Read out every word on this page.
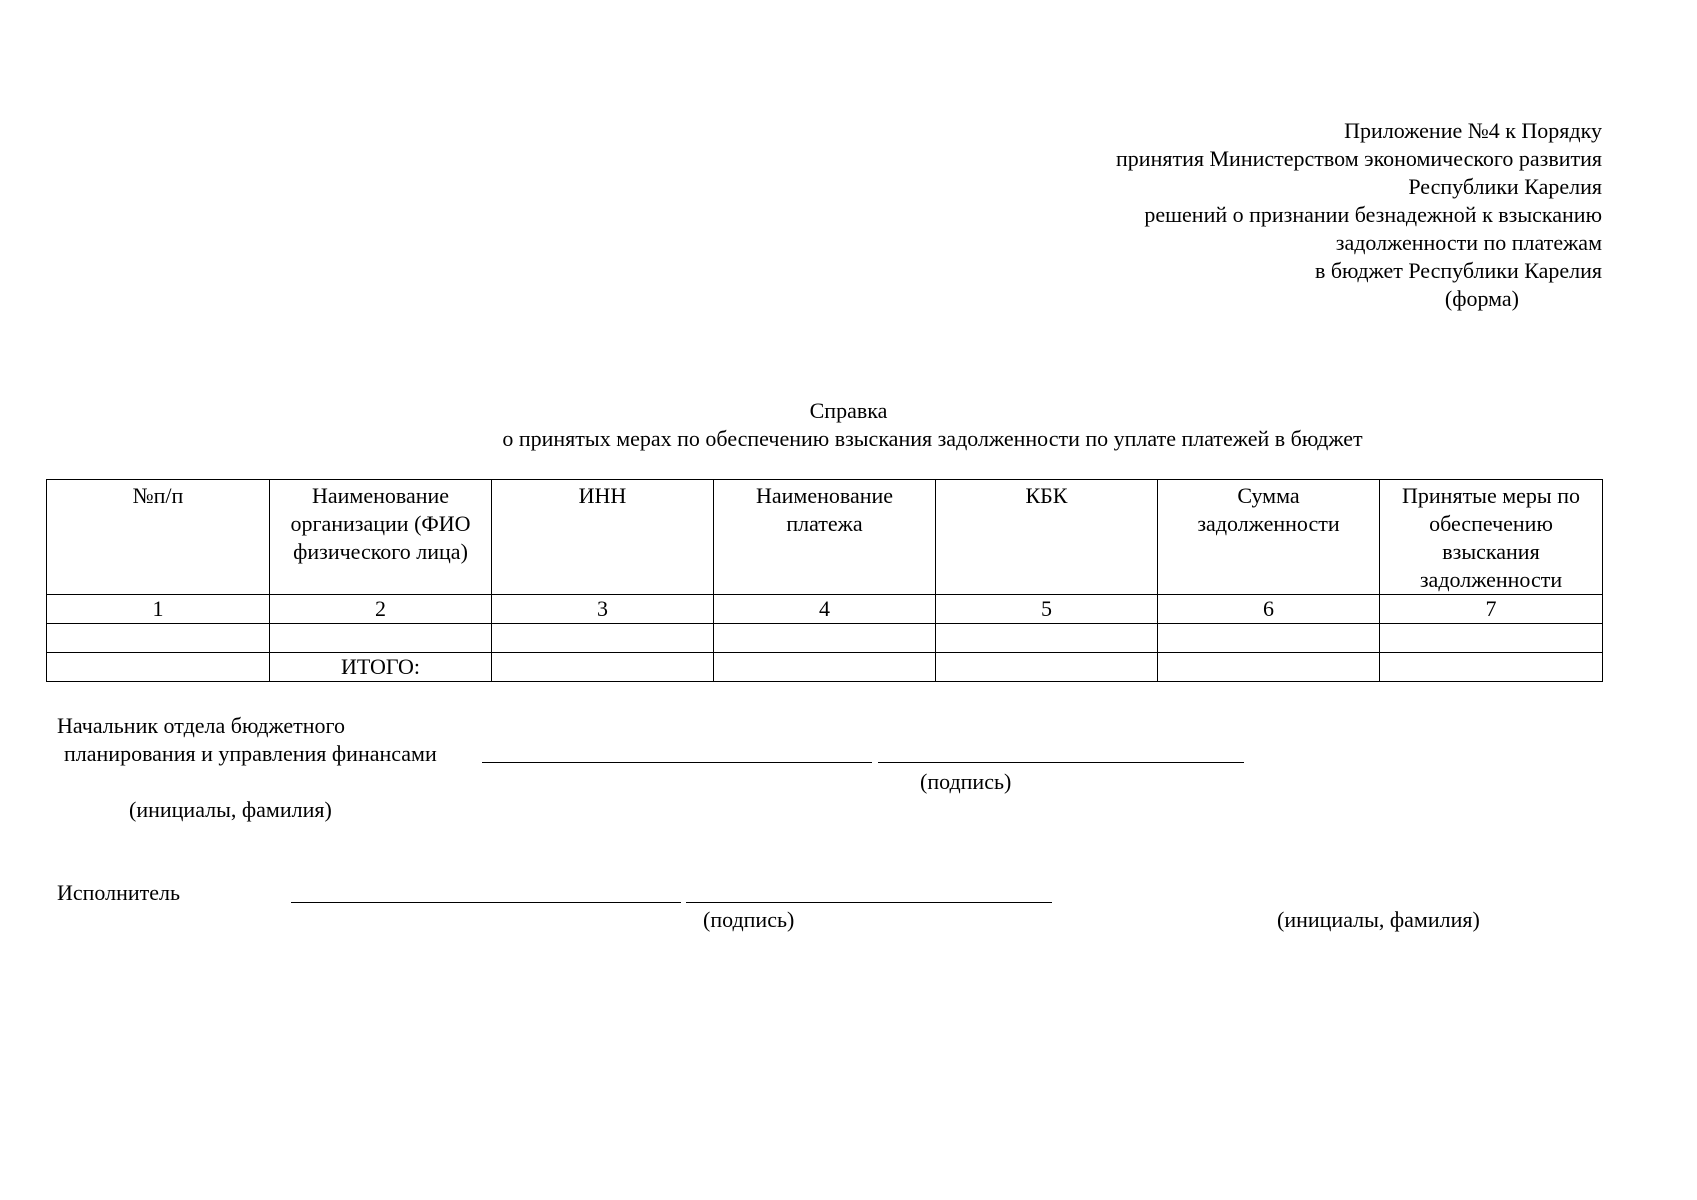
Приложение №4 к Порядку
принятия Министерством экономического развития
Республики Карелия
решений о признании безнадежной к взысканию
задолженности по платежам
в бюджет Республики Карелия
(форма)
Справка
о принятых мерах по обеспечению взыскания задолженности по уплате платежей в бюджет
№п/п	Наименование организации (ФИО физического лица)	ИНН	Наименование платежа	КБК	Сумма задолженности	Принятые меры по обеспечению взыскания задолженности
1	2	3	4	5	6	7

	ИТОГО:					
Начальник отдела бюджетного
планирования и управления финансами
(подпись)
(инициалы, фамилия)
Исполнитель
(подпись)	(инициалы, фамилия)
